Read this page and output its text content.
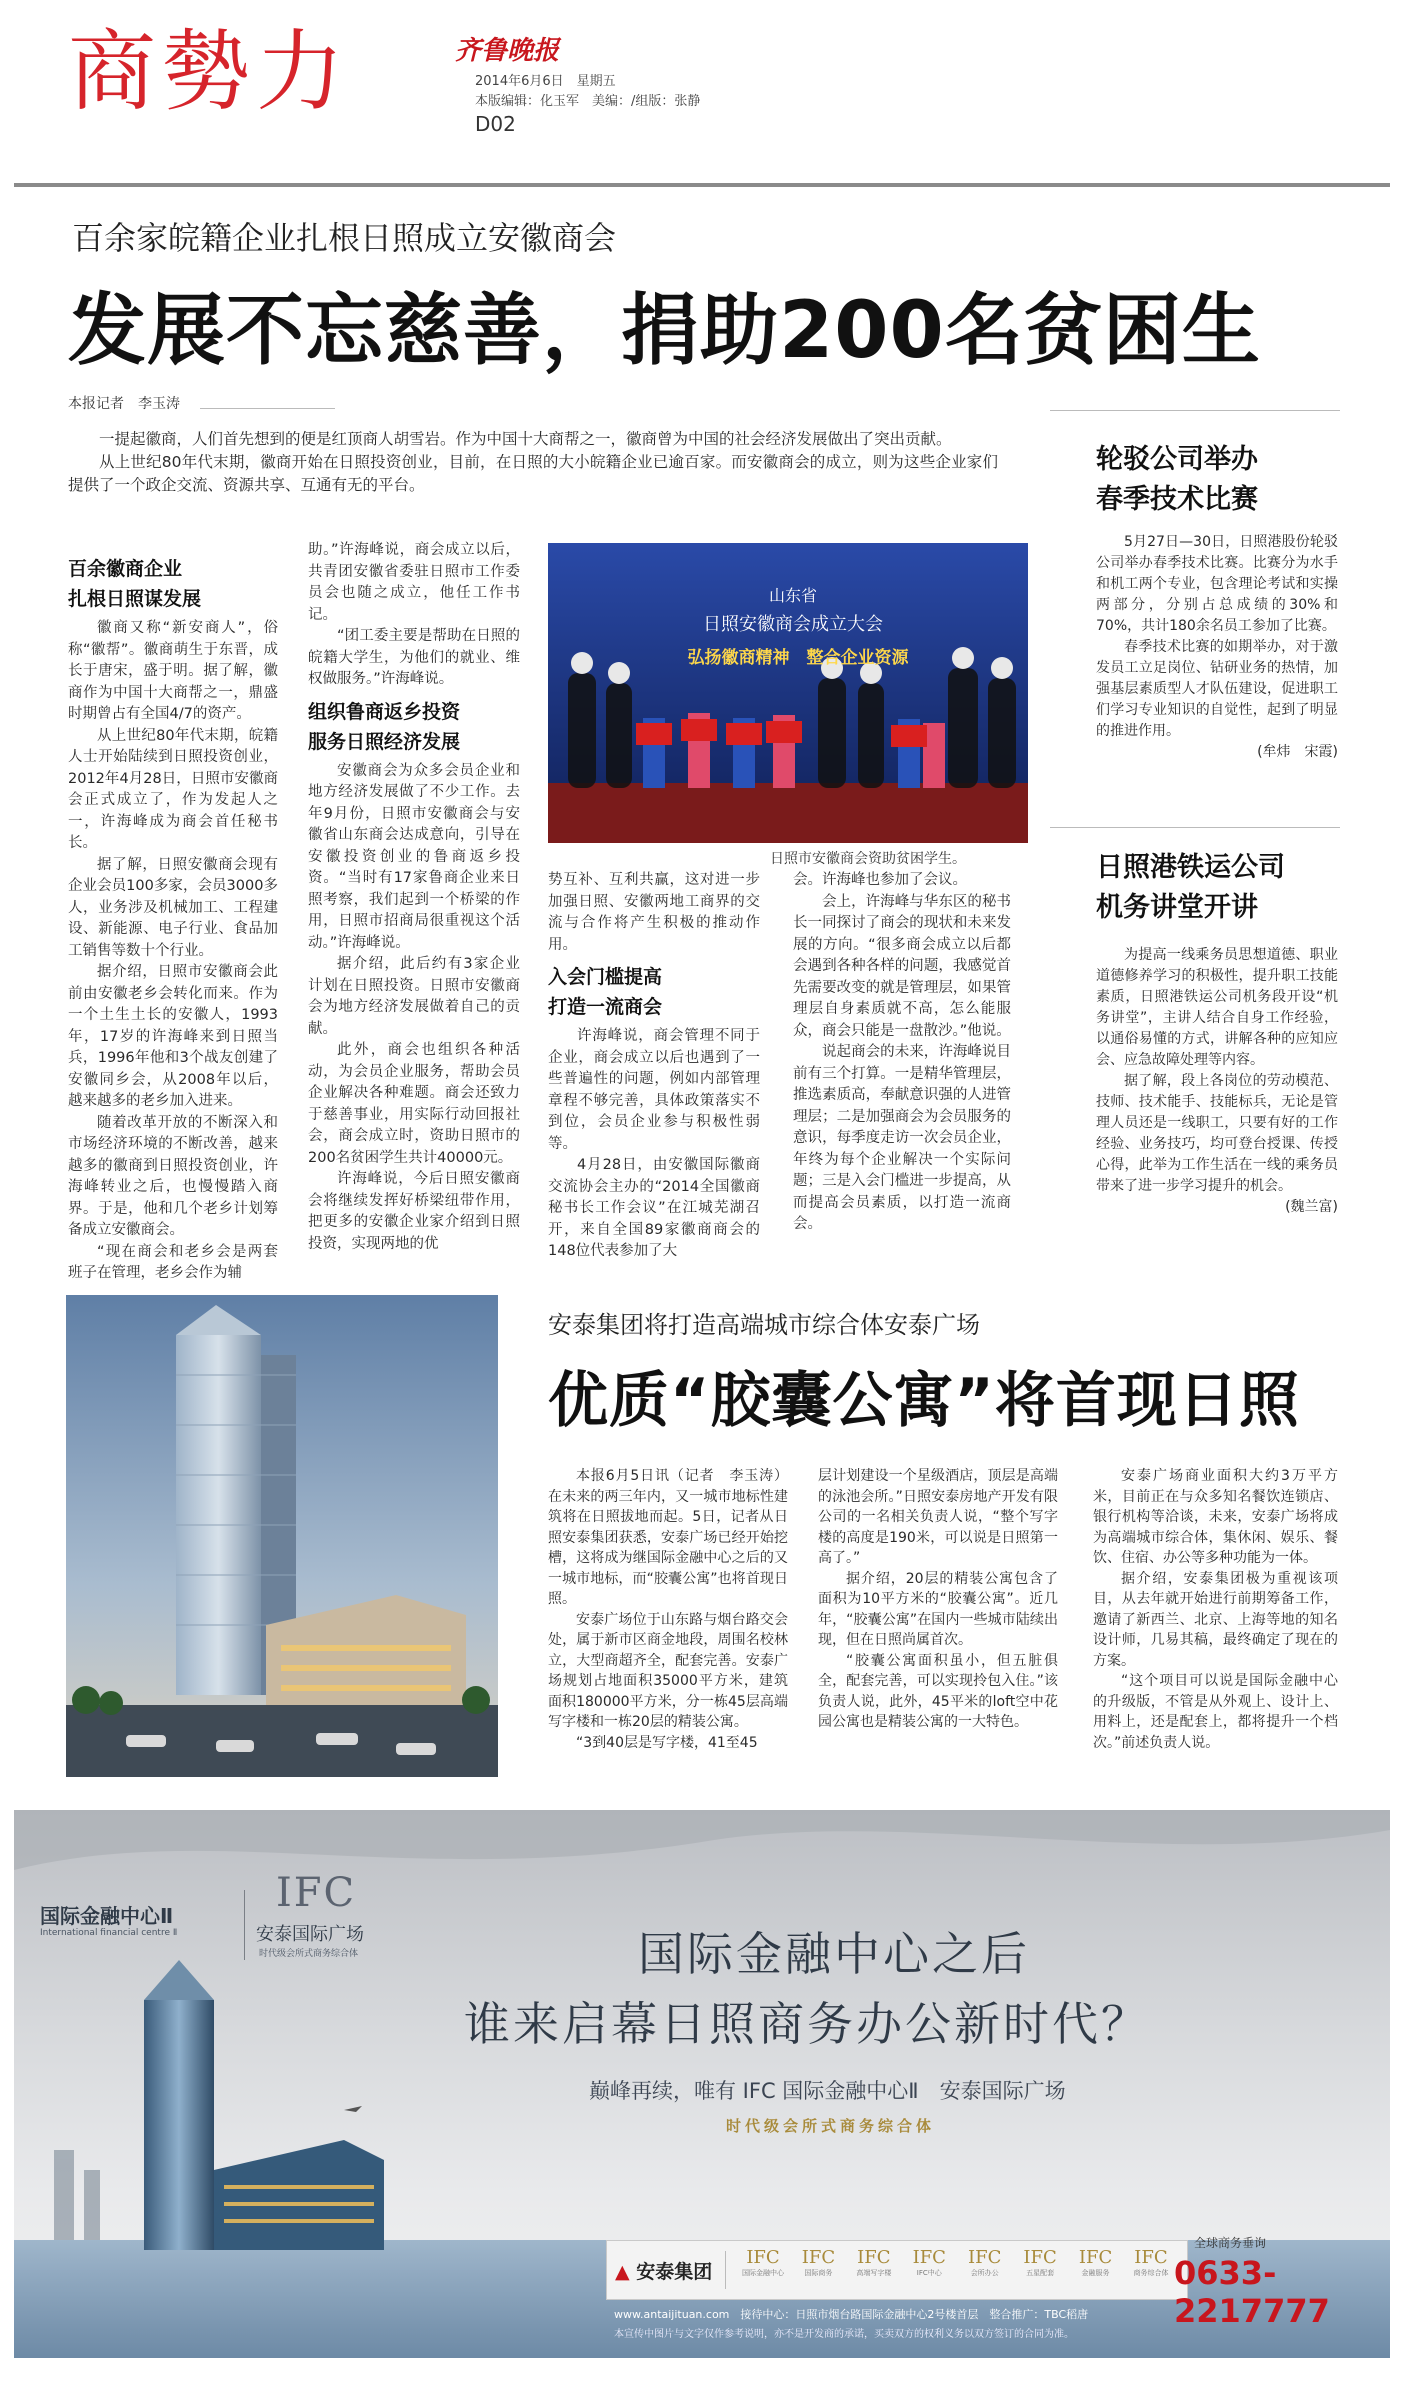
商勢力	齐鲁晚报
2014年6月6日　星期五
本版编辑：化玉军　美编：/组版：张静
D02
百余家皖籍企业扎根日照成立安徽商会
发展不忘慈善，捐助200名贫困生
本报记者　李玉涛

一提起徽商，人们首先想到的便是红顶商人胡雪岩。作为中国十大商帮之一，徽商曾为中国的社会经济发展做出了突出贡献。

从上世纪80年代末期，徽商开始在日照投资创业，目前，在日照的大小皖籍企业已逾百家。而安徽商会的成立，则为这些企业家们提供了一个政企交流、资源共享、互通有无的平台。

百余徽商企业
扎根日照谋发展

徽商又称“新安商人”，俗称“徽帮”。徽商萌生于东晋，成长于唐宋，盛于明。据了解，徽商作为中国十大商帮之一，鼎盛时期曾占有全国4/7的资产。

从上世纪80年代末期，皖籍人士开始陆续到日照投资创业，2012年4月28日，日照市安徽商会正式成立了，作为发起人之一，许海峰成为商会首任秘书长。

据了解，日照安徽商会现有企业会员100多家，会员3000多人，业务涉及机械加工、工程建设、新能源、电子行业、食品加工销售等数十个行业。

据介绍，日照市安徽商会此前由安徽老乡会转化而来。作为一个土生土长的安徽人，1993年，17岁的许海峰来到日照当兵，1996年他和3个战友创建了安徽同乡会，从2008年以后，越来越多的老乡加入进来。

随着改革开放的不断深入和市场经济环境的不断改善，越来越多的徽商到日照投资创业，许海峰转业之后，也慢慢踏入商界。于是，他和几个老乡计划筹备成立安徽商会。

“现在商会和老乡会是两套班子在管理，老乡会作为辅

助。”许海峰说，商会成立以后，共青团安徽省委驻日照市工作委员会也随之成立，他任工作书记。

“团工委主要是帮助在日照的皖籍大学生，为他们的就业、维权做服务。”许海峰说。

组织鲁商返乡投资
服务日照经济发展

安徽商会为众多会员企业和地方经济发展做了不少工作。去年9月份，日照市安徽商会与安徽省山东商会达成意向，引导在安徽投资创业的鲁商返乡投资。“当时有17家鲁商企业来日照考察，我们起到一个桥梁的作用，日照市招商局很重视这个活动。”许海峰说。

据介绍，此后约有3家企业计划在日照投资。日照市安徽商会为地方经济发展做着自己的贡献。

此外，商会也组织各种活动，为会员企业服务，帮助会员企业解决各种难题。商会还致力于慈善事业，用实际行动回报社会，商会成立时，资助日照市的200名贫困学生共计40000元。

许海峰说，今后日照安徽商会将继续发挥好桥梁纽带作用，把更多的安徽企业家介绍到日照投资，实现两地的优

山东省
日照安徽商会成立大会
弘扬徽商精神　整合企业资源
日照市安徽商会资助贫困学生。

势互补、互利共赢，这对进一步加强日照、安徽两地工商界的交流与合作将产生积极的推动作用。

入会门槛提高
打造一流商会

许海峰说，商会管理不同于企业，商会成立以后也遇到了一些普遍性的问题，例如内部管理章程不够完善，具体政策落实不到位，会员企业参与积极性弱等。

4月28日，由安徽国际徽商交流协会主办的“2014全国徽商秘书长工作会议”在江城芜湖召开，来自全国89家徽商商会的148位代表参加了大

会。许海峰也参加了会议。

会上，许海峰与华东区的秘书长一同探讨了商会的现状和未来发展的方向。“很多商会成立以后都会遇到各种各样的问题，我感觉首先需要改变的就是管理层，如果管理层自身素质就不高，怎么能服众，商会只能是一盘散沙。”他说。

说起商会的未来，许海峰说目前有三个打算。一是精华管理层，推选素质高，奉献意识强的人进管理层；二是加强商会为会员服务的意识，每季度走访一次会员企业，年终为每个企业解决一个实际问题；三是入会门槛进一步提高，从而提高会员素质，以打造一流商会。

轮驳公司举办
春季技术比赛

5月27日—30日，日照港股份轮驳公司举办春季技术比赛。比赛分为水手和机工两个专业，包含理论考试和实操两部分，分别占总成绩的30%和70%，共计180余名员工参加了比赛。

春季技术比赛的如期举办，对于激发员工立足岗位、钻研业务的热情，加强基层素质型人才队伍建设，促进职工们学习专业知识的自觉性，起到了明显的推进作用。

(牟炜　宋霞)

日照港铁运公司
机务讲堂开讲

为提高一线乘务员思想道德、职业道德修养学习的积极性，提升职工技能素质，日照港铁运公司机务段开设“机务讲堂”，主讲人结合自身工作经验，以通俗易懂的方式，讲解各种的应知应会、应急故障处理等内容。

据了解，段上各岗位的劳动模范、技师、技术能手、技能标兵，无论是管理人员还是一线职工，只要有好的工作经验、业务技巧，均可登台授课、传授心得，此举为工作生活在一线的乘务员带来了进一步学习提升的机会。

(魏兰富)

安泰集团将打造高端城市综合体安泰广场
优质“胶囊公寓”将首现日照

本报6月5日讯（记者　李玉涛）在未来的两三年内，又一城市地标性建筑将在日照拔地而起。5日，记者从日照安泰集团获悉，安泰广场已经开始挖槽，这将成为继国际金融中心之后的又一城市地标，而“胶囊公寓”也将首现日照。

安泰广场位于山东路与烟台路交会处，属于新市区商金地段，周围名校林立，大型商超齐全，配套完善。安泰广场规划占地面积35000平方米，建筑面积180000平方米，分一栋45层高端写字楼和一栋20层的精装公寓。

“3到40层是写字楼，41至45

层计划建设一个星级酒店，顶层是高端的泳池会所。”日照安泰房地产开发有限公司的一名相关负责人说，“整个写字楼的高度是190米，可以说是日照第一高了。”

据介绍，20层的精装公寓包含了面积为10平方米的“胶囊公寓”。近几年，“胶囊公寓”在国内一些城市陆续出现，但在日照尚属首次。

“胶囊公寓面积虽小，但五脏俱全，配套完善，可以实现拎包入住。”该负责人说，此外，45平米的loft空中花园公寓也是精装公寓的一大特色。

安泰广场商业面积大约3万平方米，目前正在与众多知名餐饮连锁店、银行机构等洽谈，未来，安泰广场将成为高端城市综合体，集休闲、娱乐、餐饮、住宿、办公等多种功能为一体。

据介绍，安泰集团极为重视该项目，从去年就开始进行前期筹备工作，邀请了新西兰、北京、上海等地的知名设计师，几易其稿，最终确定了现在的方案。

“这个项目可以说是国际金融中心的升级版，不管是从外观上、设计上、用料上，还是配套上，都将提升一个档次。”前述负责人说。

国际金融中心Ⅱ
International financial centre Ⅱ
IFC
安泰国际广场
时代级会所式商务综合体	国际金融中心之后
谁来启幕日照商务办公新时代？
巅峰再续，唯有 IFC 国际金融中心Ⅱ　安泰国际广场
时代级会所式商务综合体
▲ 安泰集团
IFC
国际金融中心
IFC
国际商务
IFC
高端写字楼
IFC
IFC中心
IFC
会所办公
IFC
五星配套
IFC
金融服务
IFC
商务综合体
全球商务垂询
0633-2217777
www.antaijituan.com　接待中心：日照市烟台路国际金融中心2号楼首层　整合推广：TBC稻唐
本宣传中图片与文字仅作参考说明，亦不是开发商的承诺，买卖双方的权利义务以双方签订的合同为准。
